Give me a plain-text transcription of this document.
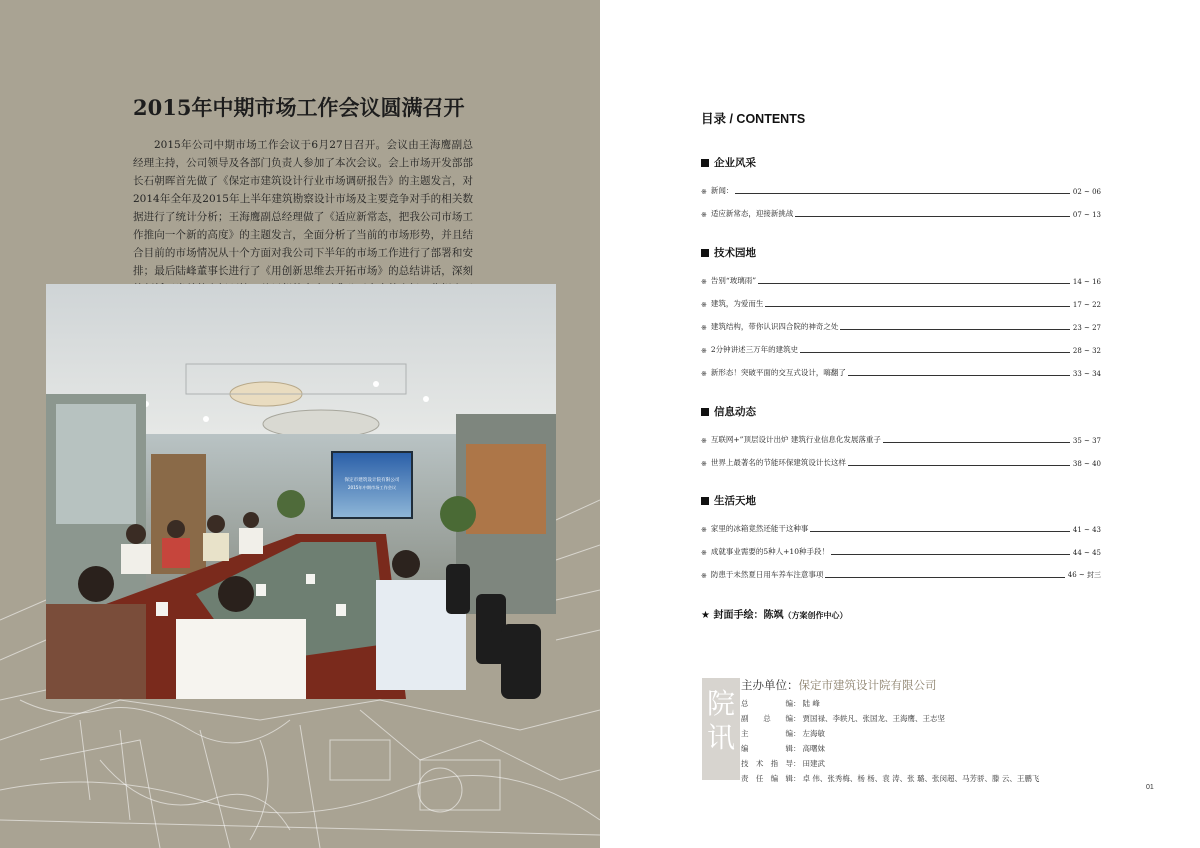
2015年中期市场工作会议圆满召开

2015年公司中期市场工作会议于6月27日召开。会议由王海鹰副总经理主持，公司领导及各部门负责人参加了本次会议。会上市场开发部部长石朝晖首先做了《保定市建筑设计行业市场调研报告》的主题发言，对2014年全年及2015年上半年建筑勘察设计市场及主要竞争对手的相关数据进行了统计分析；王海鹰副总经理做了《适应新常态，把我公司市场工作推向一个新的高度》的主题发言，全面分析了当前的市场形势，并且结合目前的市场情况从十个方面对我公司下半年的市场工作进行了部署和安排；最后陆峰董事长进行了《用创新思维去开拓市场》的总结讲话，深刻

保定市建筑设计院有限公司
2015年中期市场工作会议
目录 / CONTENTS
企业风采
※ 新闻：	02 ~ 06
※ 适应新常态，迎接新挑战	07 ~ 13
技术园地
※ 告别“玻璃雨”	14 ~ 16
※ 建筑，为爱而生	17 ~ 22
※ 建筑结构，带你认识四合院的神奇之处	23 ~ 27
※ 2分钟讲述三万年的建筑史	28 ~ 32
※ 新形态！突破平面的交互式设计，嗨翻了	33 ~ 34
信息动态
※ 互联网+”顶层设计出炉 建筑行业信息化发展落重子	35 ~ 37
※ 世界上最著名的节能环保建筑设计长这样	38 ~ 40
生活天地
※ 家里的冰箱竟然还能干这种事	41 ~ 43
※ 成就事业需要的5种人+10种手段！	44 ~ 45
※ 防患于未然夏日用车养车注意事项	46 ~ 封三
★ 封面手绘：陈飒（方案创作中心）
院
讯
主办单位：保定市建筑设计院有限公司
总编 ： 陆 峰
副总编 ： 贾国禄、李轶凡、张国龙、王海鹰、王志坚
主编 ： 左海敏
编辑 ： 高曙妹
技术指导 ： 田建武
责任编辑 ： 卓 伟、张秀梅、杨 杨、袁 涛、张 璐、张闵超、马芳骄、滕 云、王鹏飞
01
